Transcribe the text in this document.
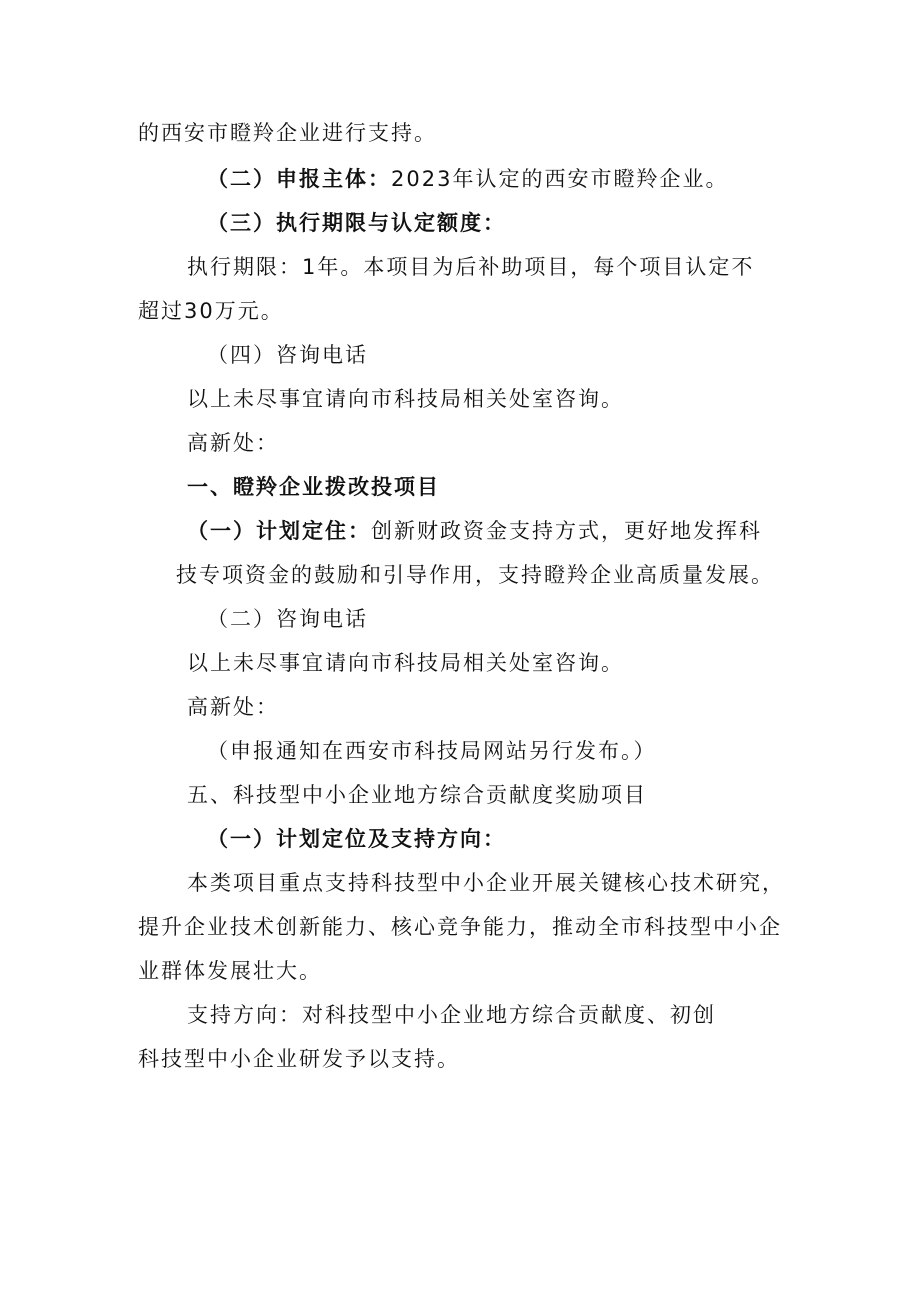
的西安市瞪羚企业进行支持。
（二）申报主体：2023年认定的西安市瞪羚企业。
（三）执行期限与认定额度：
执行期限：1年。本项目为后补助项目，每个项目认定不
超过30万元。
（四）咨询电话
以上未尽事宜请向市科技局相关处室咨询。
高新处：
一、瞪羚企业拨改投项目
（一）计划定住：创新财政资金支持方式，更好地发挥科
技专项资金的鼓励和引导作用，支持瞪羚企业高质量发展。
（二）咨询电话
以上未尽事宜请向市科技局相关处室咨询。
高新处：
（申报通知在西安市科技局网站另行发布。）
五、科技型中小企业地方综合贡献度奖励项目
（一）计划定位及支持方向：
本类项目重点支持科技型中小企业开展关键核心技术研究，
提升企业技术创新能力、核心竞争能力，推动全市科技型中小企
业群体发展壮大。
支持方向：对科技型中小企业地方综合贡献度、初创
科技型中小企业研发予以支持。
